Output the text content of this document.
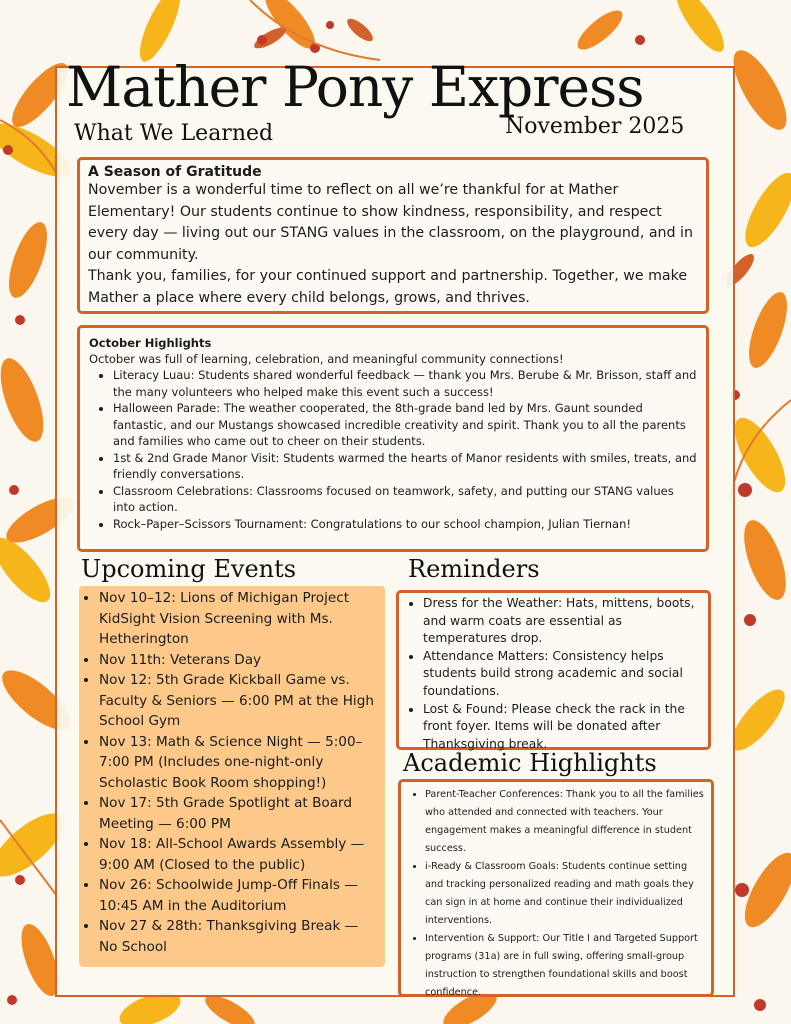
Mather Pony Express
What We Learned	November 2025
A Season of Gratitude

November is a wonderful time to reflect on all we’re thankful for at Mather Elementary! Our students continue to show kindness, responsibility, and respect every day — living out our STANG values in the classroom, on the playground, and in our community.

Thank you, families, for your continued support and partnership. Together, we make Mather a place where every child belongs, grows, and thrives.

October Highlights

October was full of learning, celebration, and meaningful community connections!

• Literacy Luau: Students shared wonderful feedback — thank you Mrs. Berube & Mr. Brisson, staff and the many volunteers who helped make this event such a success!
• Halloween Parade: The weather cooperated, the 8th-grade band led by Mrs. Gaunt sounded fantastic, and our Mustangs showcased incredible creativity and spirit. Thank you to all the parents and families who came out to cheer on their students.
• 1st & 2nd Grade Manor Visit: Students warmed the hearts of Manor residents with smiles, treats, and friendly conversations.
• Classroom Celebrations: Classrooms focused on teamwork, safety, and putting our STANG values into action.
• Rock–Paper–Scissors Tournament: Congratulations to our school champion, Julian Tiernan!
Upcoming Events
• Nov 10–12: Lions of Michigan Project KidSight Vision Screening with Ms. Hetherington
• Nov 11th: Veterans Day
• Nov 12: 5th Grade Kickball Game vs. Faculty & Seniors — 6:00 PM at the High School Gym
• Nov 13: Math & Science Night — 5:00–7:00 PM (Includes one-night-only Scholastic Book Room shopping!)
• Nov 17: 5th Grade Spotlight at Board Meeting — 6:00 PM
• Nov 18: All-School Awards Assembly — 9:00 AM (Closed to the public)
• Nov 26: Schoolwide Jump-Off Finals — 10:45 AM in the Auditorium
• Nov 27 & 28th: Thanksgiving Break — No School
Reminders
• Dress for the Weather: Hats, mittens, boots, and warm coats are essential as temperatures drop.
• Attendance Matters: Consistency helps students build strong academic and social foundations.
• Lost & Found: Please check the rack in the front foyer. Items will be donated after Thanksgiving break.
Academic Highlights
• Parent-Teacher Conferences: Thank you to all the families who attended and connected with teachers. Your engagement makes a meaningful difference in student success.
• i-Ready & Classroom Goals: Students continue setting and tracking personalized reading and math goals they can sign in at home and continue their individualized interventions.
• Intervention & Support: Our Title I and Targeted Support programs (31a) are in full swing, offering small-group instruction to strengthen foundational skills and boost confidence.
